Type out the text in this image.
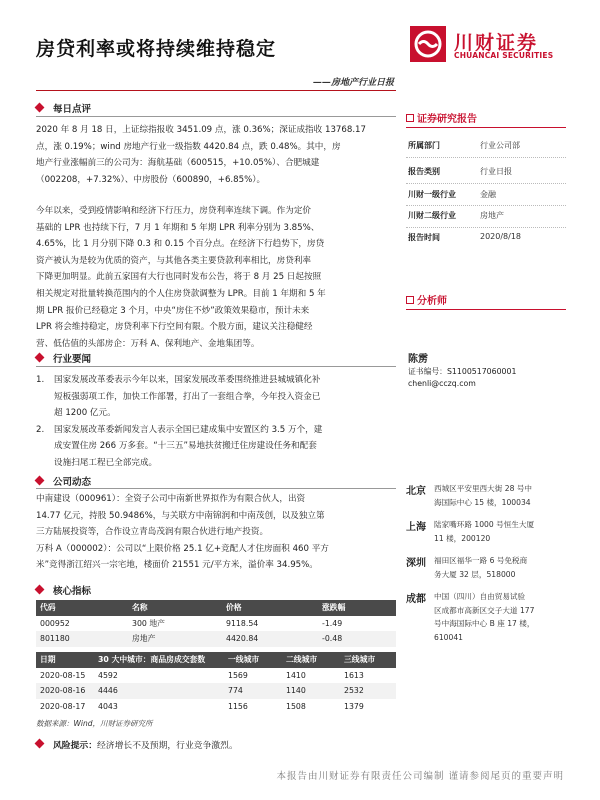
房贷利率或将持续维持稳定	川财证券
CHUANCAI SECURITIES
——房地产行业日报
每日点评
2020 年 8 月 18 日，上证综指报收 3451.09 点，涨 0.36%；深证成指收 13768.17
点，涨 0.19%；wind 房地产行业一级指数 4420.84 点，跌 0.48%。其中，房
地产行业涨幅前三的公司为：海航基础（600515，+10.05%）、合肥城建
（002208，+7.32%）、中房股份（600890，+6.85%）。
今年以来，受到疫情影响和经济下行压力，房贷利率连续下调。作为定价
基础的 LPR 也持续下行，7 月 1 年期和 5 年期 LPR 利率分别为 3.85%、
4.65%，比 1 月分别下降 0.3 和 0.15 个百分点。在经济下行趋势下，房贷
资产被认为是较为优质的资产，与其他各类主要贷款利率相比，房贷利率
下降更加明显。此前五家国有大行也同时发布公告，将于 8 月 25 日起按照
相关规定对批量转换范围内的个人住房贷款调整为 LPR。目前 1 年期和 5 年
期 LPR 报价已经稳定 3 个月，中央“房住不炒”政策效果稳市，预计未来
LPR 将会维持稳定，房贷利率下行空间有限。个股方面，建议关注稳健经
营、低估值的头部房企：万科 A、保利地产、金地集团等。
行业要闻
1.	国家发展改革委表示今年以来，国家发展改革委围绕推进县城城镇化补
短板强弱项工作，加快工作部署，打出了一套组合拳，今年投入资金已
超 1200 亿元。
2.	国家发展改革委新闻发言人表示全国已建成集中安置区约 3.5 万个，建
成安置住房 266 万多套。“十三五”易地扶贫搬迁住房建设任务和配套
设施扫尾工程已全部完成。
公司动态
中南建设（000961）：全资子公司中南新世界拟作为有限合伙人，出资
14.77 亿元，持股 50.9486%，与关联方中南锦润和中南茂创，以及独立第
三方陆展投资等，合作设立青岛茂润有限合伙进行地产投资。
万科 A（000002）：公司以“上限价格 25.1 亿+竞配人才住房面积 460 平方
米”竞得浙江绍兴一宗宅地，楼面价 21551 元/平方米，溢价率 34.95%。
核心指标
代码	名称	价格	涨跌幅
000952	300 地产	9118.54	-1.49
801180	房地产	4420.84	-0.48
日期	30 大中城市：商品房成交套数	一线城市	二线城市	三线城市
2020-08-15	4592	1569	1410	1613
2020-08-16	4446	774	1140	2532
2020-08-17	4043	1156	1508	1379
数据来源：Wind，川财证券研究所
风险提示：经济增长不及预期，行业竞争激烈。
本报告由川财证券有限责任公司编制 谨请参阅尾页的重要声明
证券研究报告
所属部门	行业公司部
报告类别	行业日报
川财一级行业	金融
川财二级行业	房地产
报告时间	2020/8/18
分析师
陈雳
证书编号：S1100517060001
chenli@cczq.com
北京	西城区平安里西大街 28 号中
海国际中心 15 楼，100034
上海	陆家嘴环路 1000 号恒生大厦
11 楼，200120
深圳	福田区福华一路 6 号免税商
务大厦 32 层，518000
成都	中国（四川）自由贸易试验
区成都市高新区交子大道 177
号中海国际中心 B 座 17 楼，
610041
